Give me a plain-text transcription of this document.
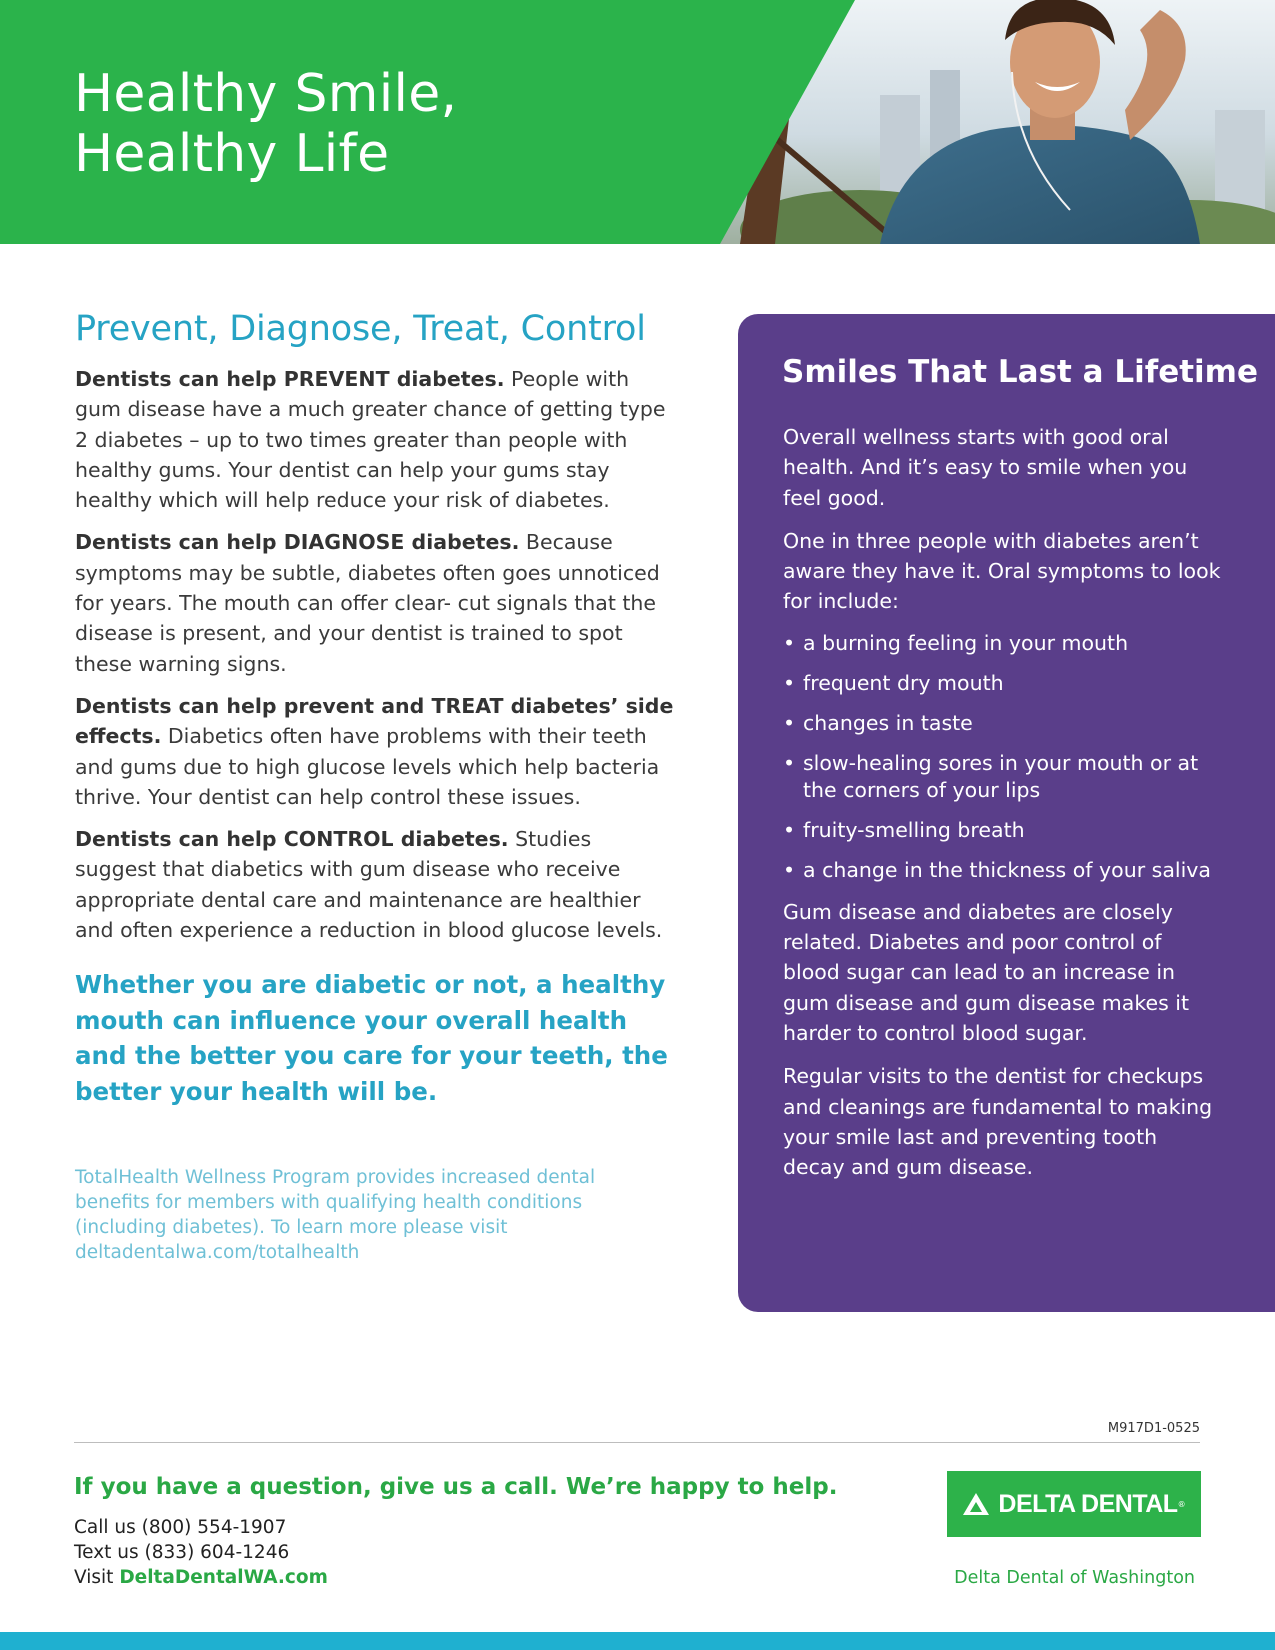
Healthy Smile,
Healthy Life
Prevent, Diagnose, Treat, Control

Dentists can help PREVENT diabetes. People with gum disease have a much greater chance of getting type 2 diabetes – up to two times greater than people with healthy gums. Your dentist can help your gums stay healthy which will help reduce your risk of diabetes.

Dentists can help DIAGNOSE diabetes. Because symptoms may be subtle, diabetes often goes unnoticed for years. The mouth can offer clear- cut signals that the disease is present, and your dentist is trained to spot these warning signs.

Dentists can help prevent and TREAT diabetes’ side effects. Diabetics often have problems with their teeth and gums due to high glucose levels which help bacteria thrive. Your dentist can help control these issues.

Dentists can help CONTROL diabetes. Studies suggest that diabetics with gum disease who receive appropriate dental care and maintenance are healthier and often experience a reduction in blood glucose levels.

Whether you are diabetic or not, a healthy mouth can influence your overall health and the better you care for your teeth, the better your health will be.

TotalHealth Wellness Program provides increased dental benefits for members with qualifying health conditions (including diabetes). To learn more please visit deltadentalwa.com/totalhealth

Smiles That Last a Lifetime

Overall wellness starts with good oral health. And it’s easy to smile when you feel good.

One in three people with diabetes aren’t aware they have it. Oral symptoms to look for include:

• a burning feeling in your mouth
• frequent dry mouth
• changes in taste
• slow-healing sores in your mouth or at the corners of your lips
• fruity-smelling breath
• a change in the thickness of your saliva

Gum disease and diabetes are closely related. Diabetes and poor control of blood sugar can lead to an increase in gum disease and gum disease makes it harder to control blood sugar.

Regular visits to the dentist for checkups and cleanings are fundamental to making your smile last and preventing tooth decay and gum disease.

M917D1-0525
If you have a question, give us a call. We’re happy to help.
Call us (800) 554-1907
Text us (833) 604-1246
Visit DeltaDentalWA.com
DELTA DENTAL ®
Delta Dental of Washington
